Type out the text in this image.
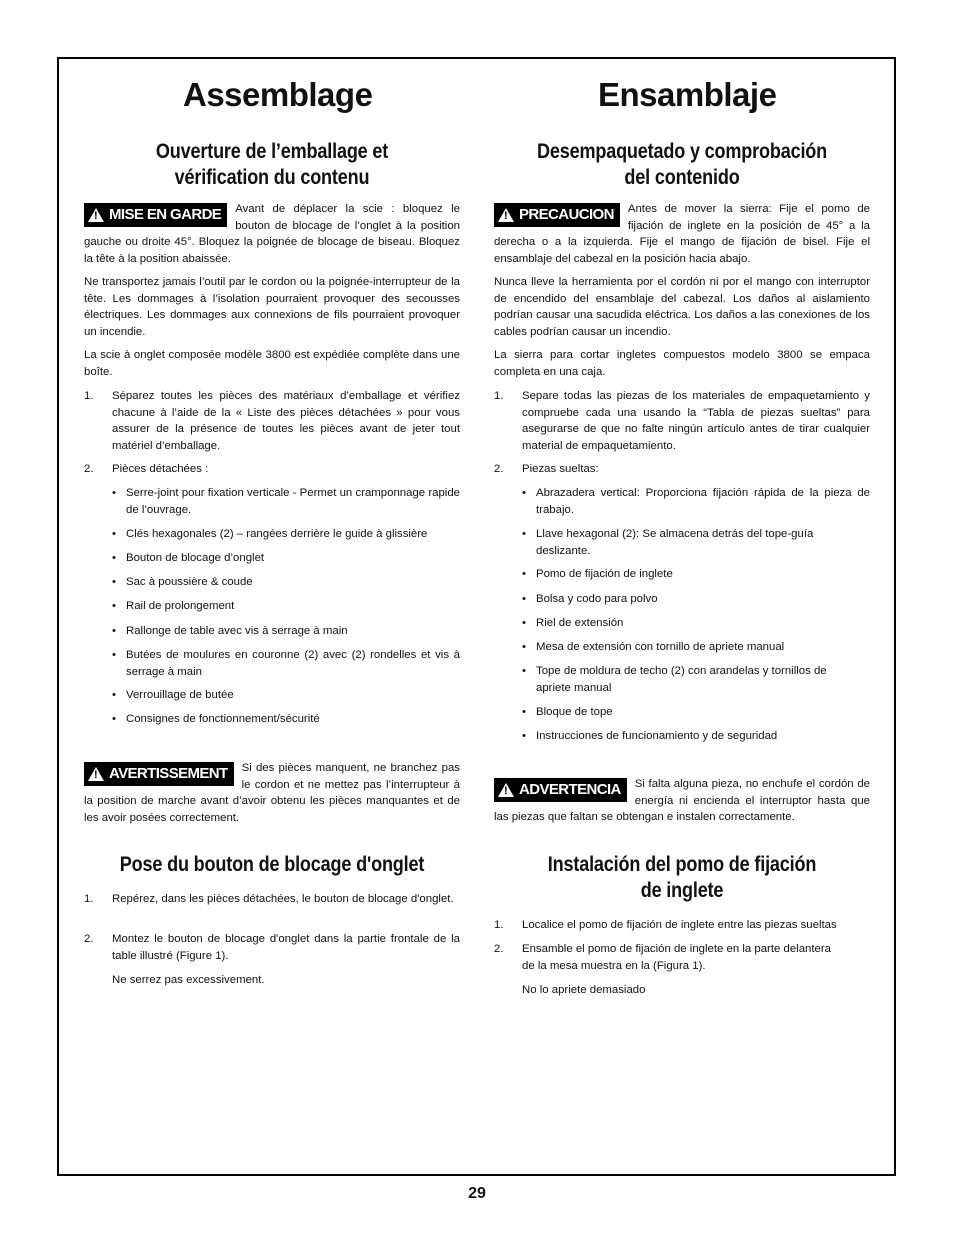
Assemblage	Ensamblaje
Ouverture de l’emballage et
vérification du contenu
Desempaquetado y comprobación
del contenido
!
MISE EN GARDE Avant de déplacer la scie : bloquez le bouton de blocage de l’onglet à la position gauche ou droite 45°. Bloquez la poignée de blocage de biseau. Bloquez la tête à la position abaissée.
!
PRECAUCION Antes de mover la sierra: Fije el pomo de fijación de inglete en la posición de 45° a la derecha o a la izquierda. Fije el mango de fijación de bisel. Fije el ensamblaje del cabezal en la posición hacia abajo.

Ne transportez jamais l’outil par le cordon ou la poignée-interrupteur de la tête. Les dommages à l’isolation pourraient provoquer des secousses électriques. Les dommages aux connexions de fils pourraient provoquer un incendie.

La scie à onglet composée modèle 3800 est expédiée complète dans une boîte.

Nunca lleve la herramienta por el cordón ni por el mango con interruptor de encendido del ensamblaje del cabezal. Los daños al aislamiento podrían causar una sacudida eléctrica. Los daños a las conexiones de los cables podrían causar un incendio.

La sierra para cortar ingletes compuestos modelo 3800 se empaca completa en una caja.

1. Séparez toutes les pièces des matériaux d’emballage et vérifiez chacune à l’aide de la « Liste des pièces détachées » pour vous assurer de la présence de toutes les pièces avant de jeter tout matériel d’emballage.
2. Pièces détachées :
1. Separe todas las piezas de los materiales de empaquetamiento y compruebe cada una usando la “Tabla de piezas sueltas” para asegurarse de que no falte ningún artículo antes de tirar cualquier material de empaquetamiento.
2. Piezas sueltas:
• Serre-joint pour fixation verticale - Permet un cramponnage rapide de l’ouvrage.
• Clés hexagonales (2) – rangées derrière le guide à glissière
• Bouton de blocage d’onglet
• Sac à poussière & coude
• Rail de prolongement
• Rallonge de table avec vis à serrage à main
• Butées de moulures en couronne (2) avec (2) rondelles et vis à serrage à main
• Verrouillage de butée
• Consignes de fonctionnement/sécurité
• Abrazadera vertical: Proporciona fijación rápida de la pieza de trabajo.
• Llave hexagonal (2): Se almacena detrás del tope-guía deslizante.
• Pomo de fijación de inglete
• Bolsa y codo para polvo
• Riel de extensión
• Mesa de extensión con tornillo de apriete manual
• Tope de moldura de techo (2) con arandelas y tornillos de apriete manual
• Bloque de tope
• Instrucciones de funcionamiento y de seguridad
!
AVERTISSEMENT Si des pièces manquent, ne branchez pas le cordon et ne mettez pas l’interrupteur à la position de marche avant d’avoir obtenu les pièces manquantes et de les avoir posées correctement.
!
ADVERTENCIA Si falta alguna pieza, no enchufe el cordón de energía ni encienda el interruptor hasta que las piezas que faltan se obtengan e instalen correctamente.
Pose du bouton de blocage d'onglet	Instalación del pomo de fijación
de inglete
1. Repérez, dans les pièces détachées, le bouton de blocage d'onglet.
2. Montez le bouton de blocage d'onglet dans la partie frontale de la table illustré (Figure 1).

Ne serrez pas excessivement.

1. Localice el pomo de fijación de inglete entre las piezas sueltas
2. Ensamble el pomo de fijación de inglete en la parte delantera de la mesa muestra en la (Figura 1).

No lo apriete demasiado

29
